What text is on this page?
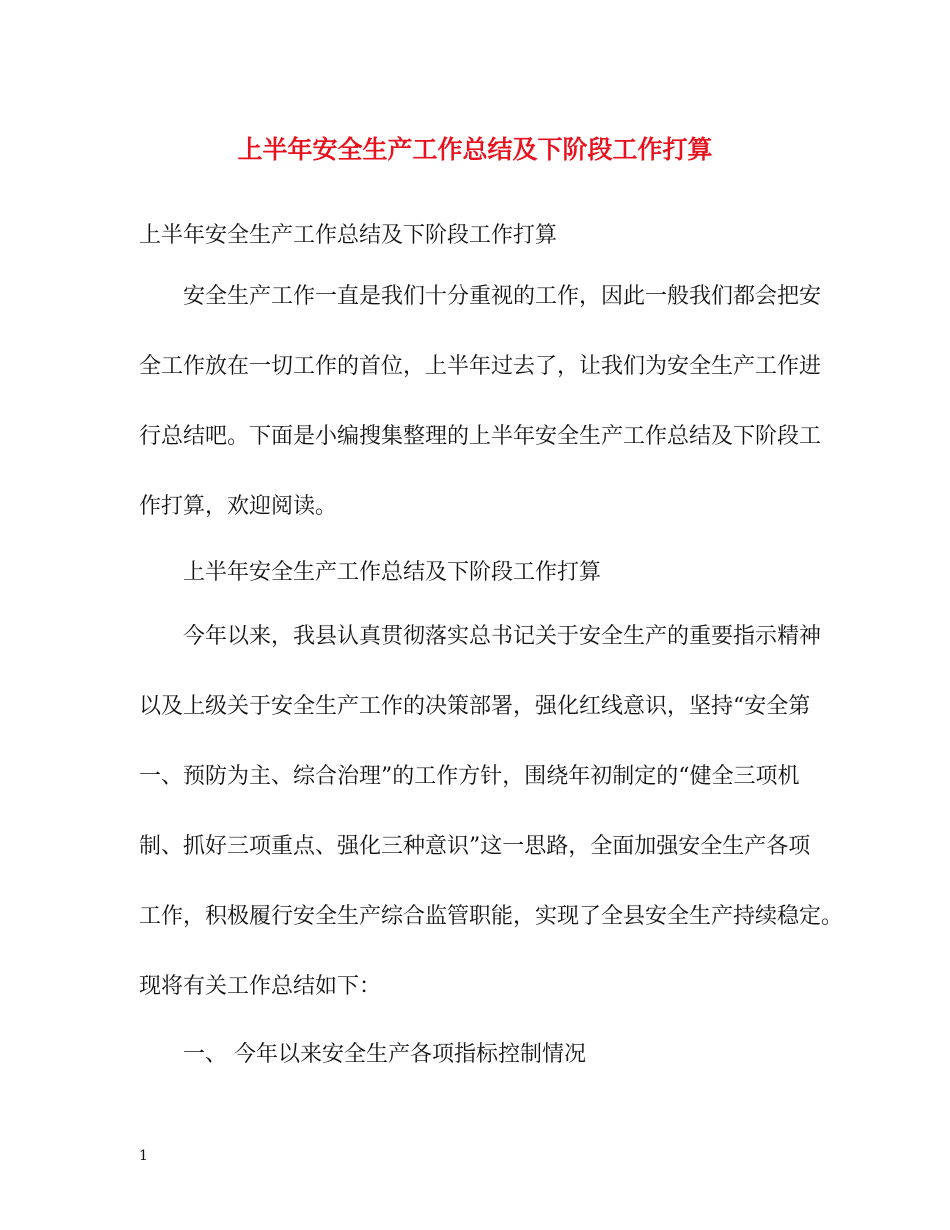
上半年安全生产工作总结及下阶段工作打算
上半年安全生产工作总结及下阶段工作打算
安全生产工作一直是我们十分重视的工作，因此一般我们都会把安
全工作放在一切工作的首位，上半年过去了，让我们为安全生产工作进
行总结吧。下面是小编搜集整理的上半年安全生产工作总结及下阶段工
作打算，欢迎阅读。
上半年安全生产工作总结及下阶段工作打算
今年以来，我县认真贯彻落实总书记关于安全生产的重要指示精神
以及上级关于安全生产工作的决策部署，强化红线意识，坚持“安全第
一、预防为主、综合治理”的工作方针，围绕年初制定的“健全三项机
制、抓好三项重点、强化三种意识”这一思路，全面加强安全生产各项
工作，积极履行安全生产综合监管职能，实现了全县安全生产持续稳定。
现将有关工作总结如下：
一、 今年以来安全生产各项指标控制情况
1
